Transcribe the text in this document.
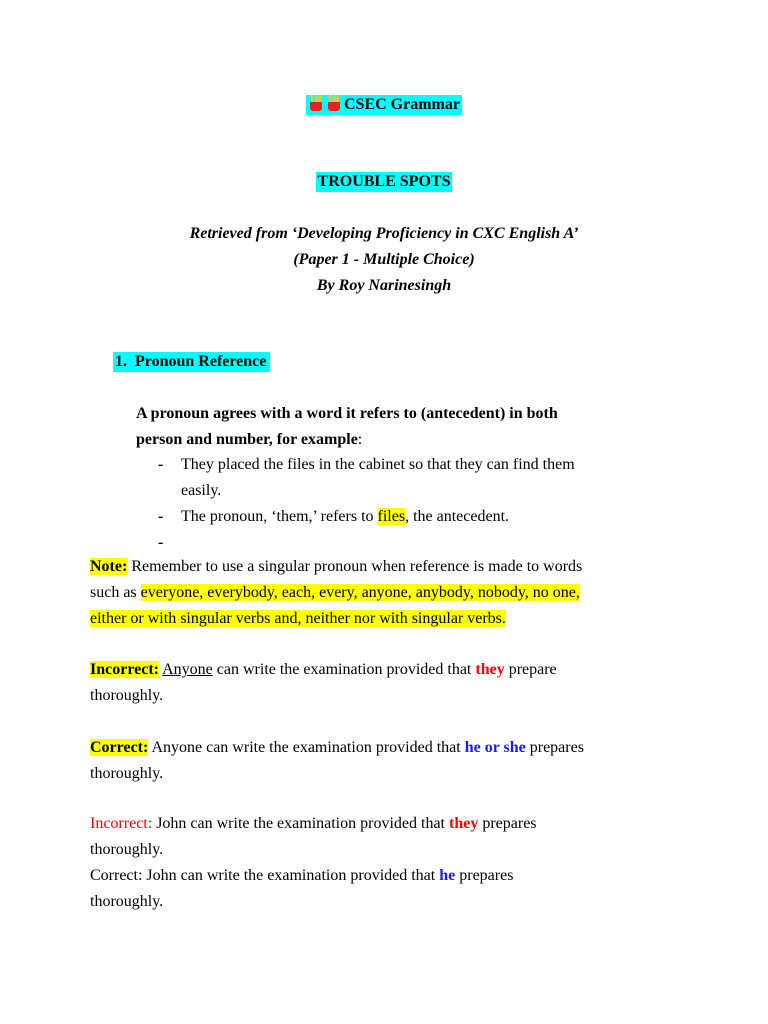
CSEC Grammar
TROUBLE SPOTS
Retrieved from ‘Developing Proficiency in CXC English A’
(Paper 1 - Multiple Choice)
By Roy Narinesingh
1. Pronoun Reference
A pronoun agrees with a word it refers to (antecedent) in both
person and number, for example:
- They placed the files in the cabinet so that they can find them
easily.
- The pronoun, ‘them,’ refers to files, the antecedent.
-
Note: Remember to use a singular pronoun when reference is made to words
such as everyone, everybody, each, every, anyone, anybody, nobody, no one,
either or with singular verbs and, neither nor with singular verbs.
Incorrect: Anyone can write the examination provided that they prepare
thoroughly.
Correct: Anyone can write the examination provided that he or she prepares
thoroughly.
Incorrect: John can write the examination provided that they prepares
thoroughly.
Correct: John can write the examination provided that he prepares
thoroughly.
